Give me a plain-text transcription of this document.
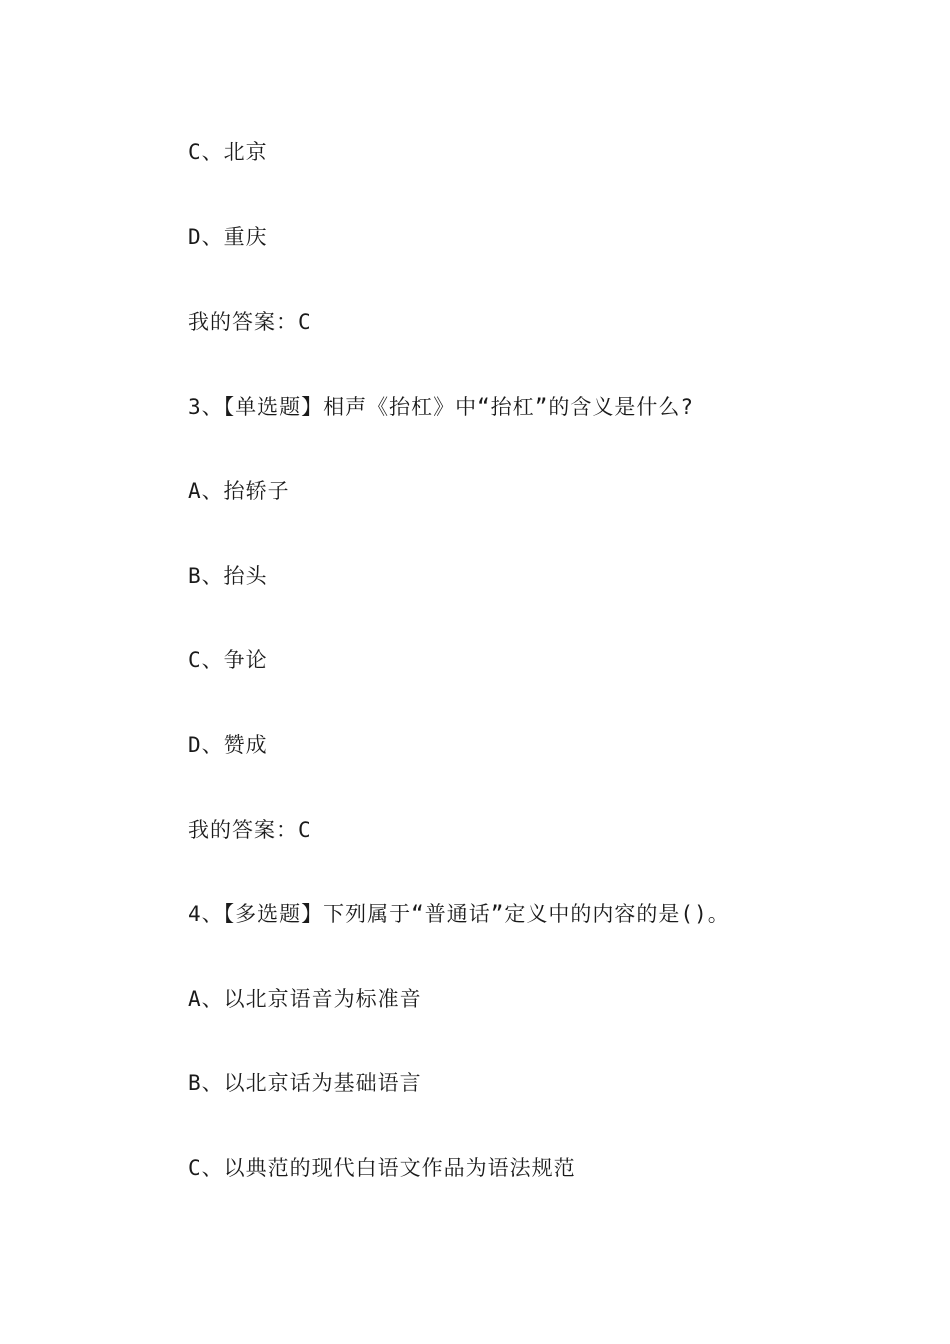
C、北京
D、重庆
我的答案：C
3、【单选题】相声《抬杠》中“抬杠”的含义是什么?
A、抬轿子
B、抬头
C、争论
D、赞成
我的答案：C
4、【多选题】下列属于“普通话”定义中的内容的是()。
A、以北京语音为标准音
B、以北京话为基础语言
C、以典范的现代白语文作品为语法规范
